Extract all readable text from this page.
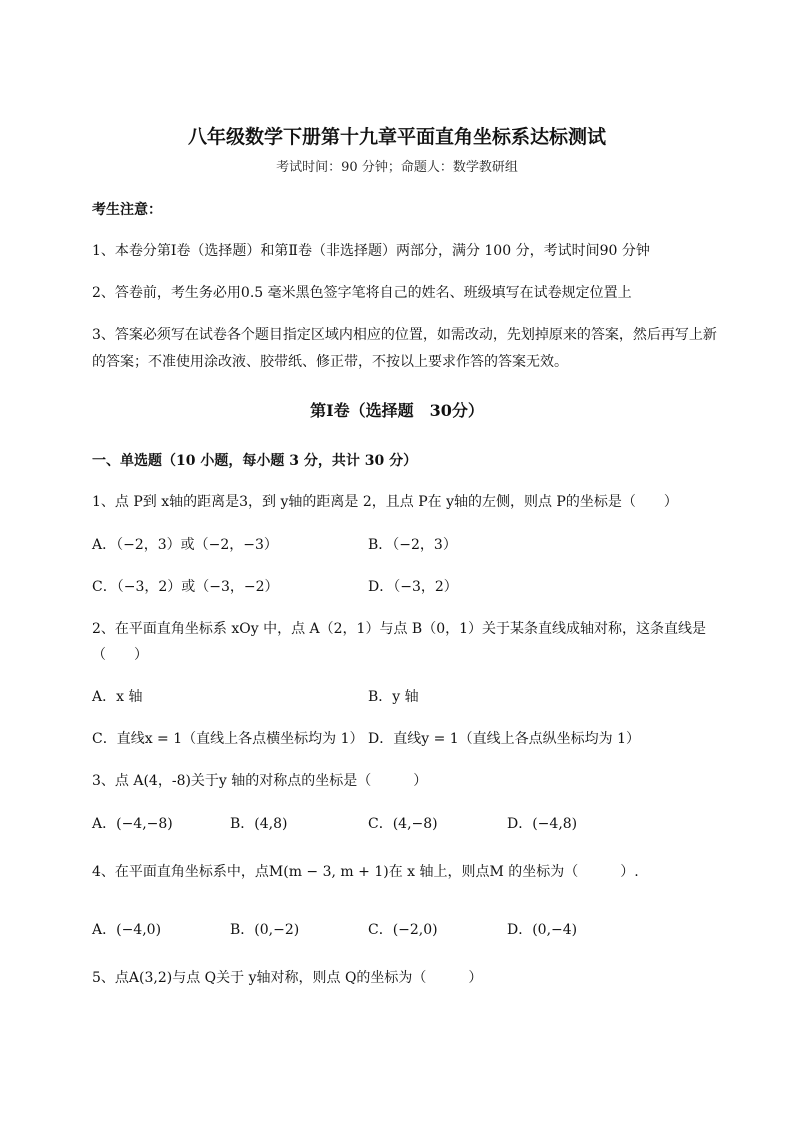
八年级数学下册第十九章平面直角坐标系达标测试
考试时间：90 分钟；命题人：数学教研组
考生注意：
1、本卷分第Ⅰ卷（选择题）和第Ⅱ卷（非选择题）两部分，满分 100 分，考试时间90 分钟
2、答卷前，考生务必用0.5 毫米黑色签字笔将自己的姓名、班级填写在试卷规定位置上
3、答案必须写在试卷各个题目指定区域内相应的位置，如需改动，先划掉原来的答案，然后再写上新
的答案；不准使用涂改液、胶带纸、修正带，不按以上要求作答的答案无效。
第Ⅰ卷（选择题　30分）
一、单选题（10 小题，每小题 3 分，共计 30 分）
1、点 P到 x轴的距离是3，到 y轴的距离是 2，且点 P在 y轴的左侧，则点 P的坐标是（　　）
A．（−2，3）或（−2，−3）	B．（−2，3）
C．（−3，2）或（−3，−2）	D．（−3，2）
2、在平面直角坐标系 xOy 中，点 A（2，1）与点 B（0，1）关于某条直线成轴对称，这条直线是
（　　）
A．x 轴	B．y 轴
C．直线x = 1（直线上各点横坐标均为 1） D．直线y = 1（直线上各点纵坐标均为 1）
3、点 A(4，-8)关于y 轴的对称点的坐标是（　　　）
A．(−4,−8)	B．(4,8)	C．(4,−8)	D．(−4,8)
4、在平面直角坐标系中，点M(m − 3, m + 1)在 x 轴上，则点M 的坐标为（　　　）.
A．(−4,0)	B．(0,−2)	C．(−2,0)	D．(0,−4)
5、点A(3,2)与点 Q关于 y轴对称，则点 Q的坐标为（　　　）
